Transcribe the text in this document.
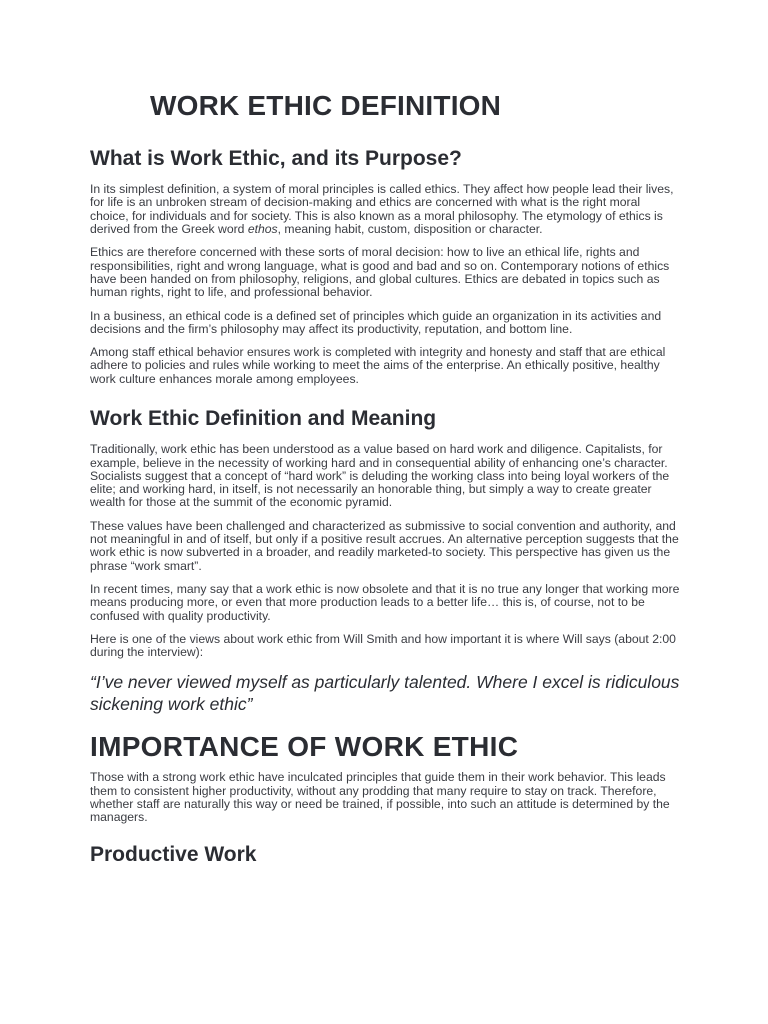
WORK ETHIC DEFINITION
What is Work Ethic, and its Purpose?

In its simplest definition, a system of moral principles is called ethics. They affect how people lead their lives, for life is an unbroken stream of decision-making and ethics are concerned with what is the right moral choice, for individuals and for society. This is also known as a moral philosophy. The etymology of ethics is derived from the Greek word ethos, meaning habit, custom, disposition or character.

Ethics are therefore concerned with these sorts of moral decision: how to live an ethical life, rights and responsibilities, right and wrong language, what is good and bad and so on. Contemporary notions of ethics have been handed on from philosophy, religions, and global cultures. Ethics are debated in topics such as human rights, right to life, and professional behavior.

In a business, an ethical code is a defined set of principles which guide an organization in its activities and decisions and the firm’s philosophy may affect its productivity, reputation, and bottom line.

Among staff ethical behavior ensures work is completed with integrity and honesty and staff that are ethical adhere to policies and rules while working to meet the aims of the enterprise. An ethically positive, healthy work culture enhances morale among employees.

Work Ethic Definition and Meaning

Traditionally, work ethic has been understood as a value based on hard work and diligence. Capitalists, for example, believe in the necessity of working hard and in consequential ability of enhancing one’s character. Socialists suggest that a concept of “hard work” is deluding the working class into being loyal workers of the elite; and working hard, in itself, is not necessarily an honorable thing, but simply a way to create greater wealth for those at the summit of the economic pyramid.

These values have been challenged and characterized as submissive to social convention and authority, and not meaningful in and of itself, but only if a positive result accrues. An alternative perception suggests that the work ethic is now subverted in a broader, and readily marketed-to society. This perspective has given us the phrase “work smart”.

In recent times, many say that a work ethic is now obsolete and that it is no true any longer that working more means producing more, or even that more production leads to a better life… this is, of course, not to be confused with quality productivity.

Here is one of the views about work ethic from Will Smith and how important it is where Will says (about 2:00 during the interview):

“I’ve never viewed myself as particularly talented. Where I excel is ridiculous sickening work ethic”

IMPORTANCE OF WORK ETHIC

Those with a strong work ethic have inculcated principles that guide them in their work behavior. This leads them to consistent higher productivity, without any prodding that many require to stay on track. Therefore, whether staff are naturally this way or need be trained, if possible, into such an attitude is determined by the managers.

Productive Work
